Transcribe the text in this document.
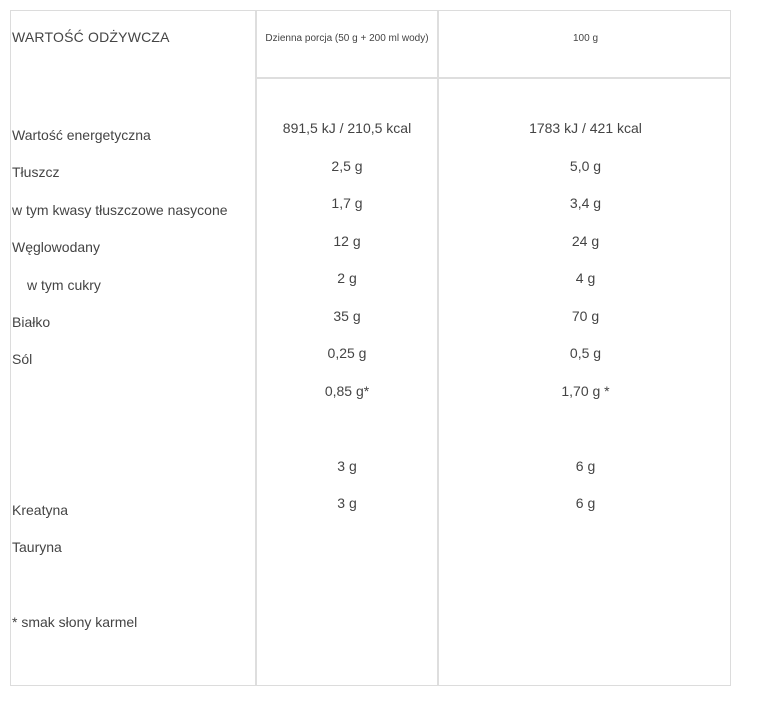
WARTOŚĆ ODŻYWCZA	Dzienna porcja (50 g + 200 ml wody)	100 g
Wartość energetyczna
Tłuszcz
w tym kwasy tłuszczowe nasycone
Węglowodany
w tym cukry
Białko
Sól
Kreatyna
Tauryna
* smak słony karmel
891,5 kJ / 210,5 kcal
2,5 g
1,7 g
12 g
2 g
35 g
0,25 g
0,85 g*
3 g
3 g
1783 kJ / 421 kcal
5,0 g
3,4 g
24 g
4 g
70 g
0,5 g
1,70 g *
6 g
6 g
